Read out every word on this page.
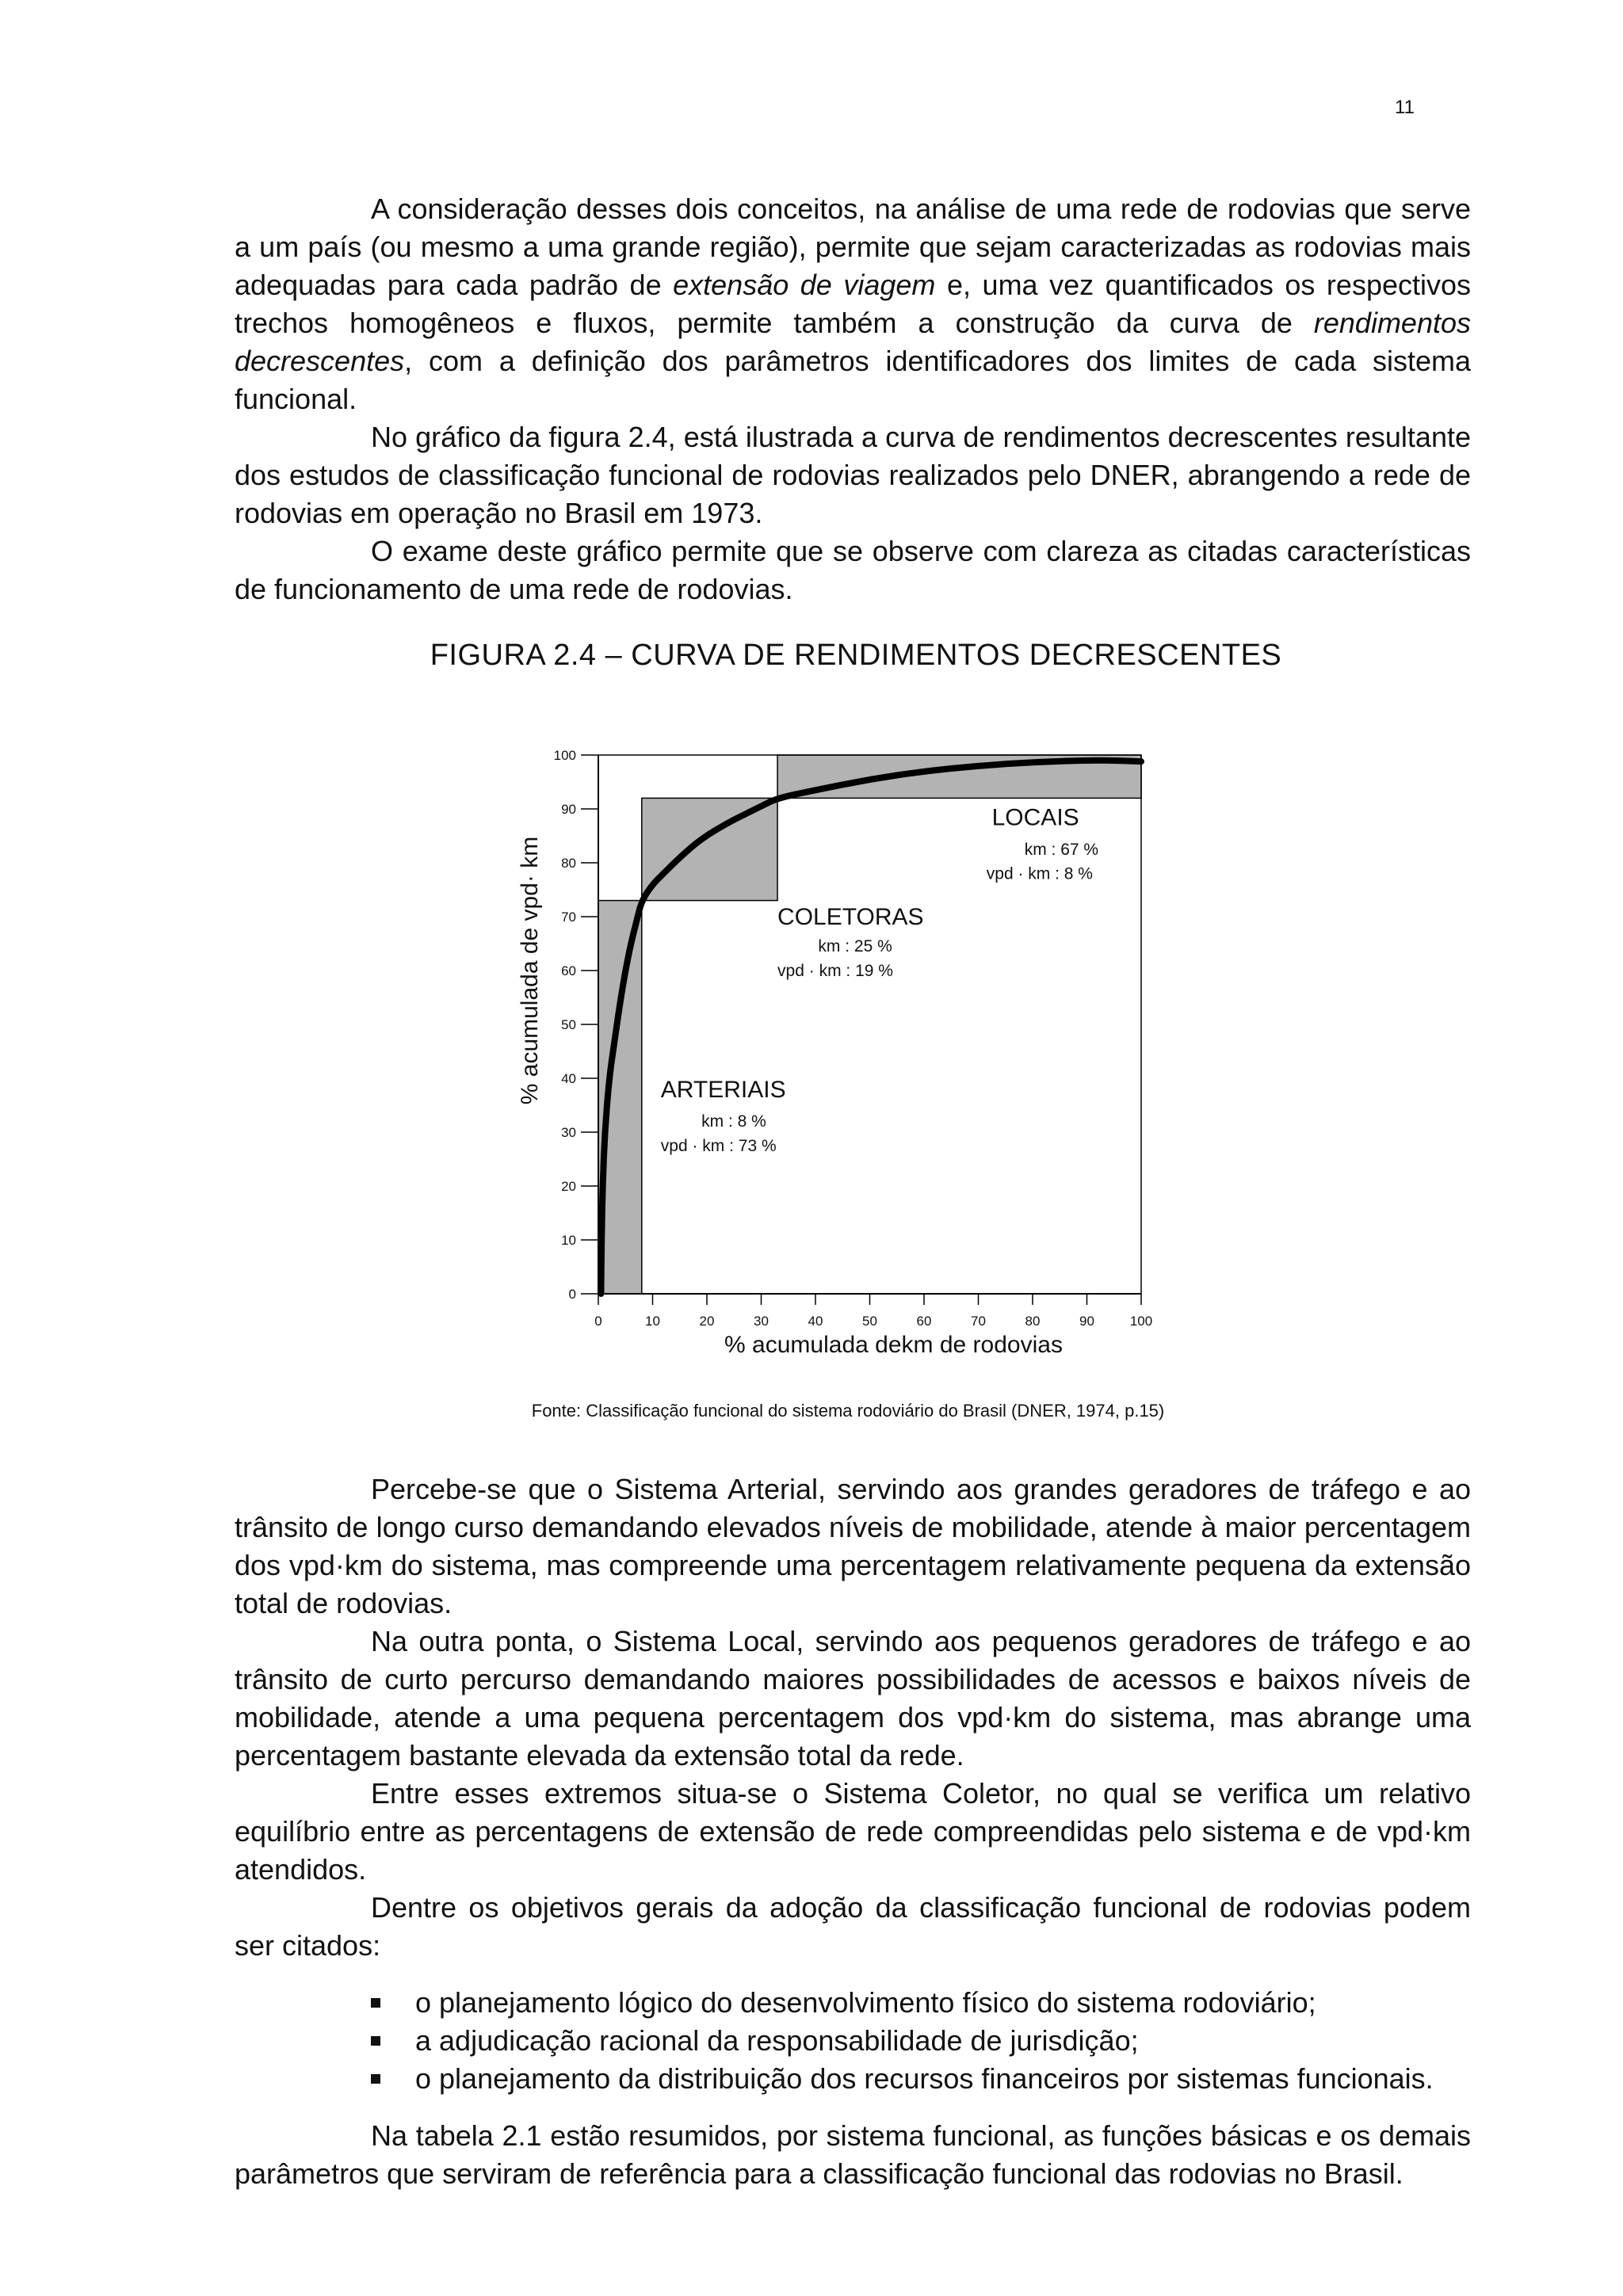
11

A consideração desses dois conceitos, na análise de uma rede de rodovias que serve a um país (ou mesmo a uma grande região), permite que sejam caracterizadas as rodovias mais adequadas para cada padrão de extensão de viagem e, uma vez quantificados os respectivos trechos homogêneos e fluxos, permite também a construção da curva de rendimentos decrescentes, com a definição dos parâmetros identificadores dos limites de cada sistema funcional.

No gráfico da figura 2.4, está ilustrada a curva de rendimentos decrescentes resultante dos estudos de classificação funcional de rodovias realizados pelo DNER, abrangendo a rede de rodovias em operação no Brasil em 1973.

O exame deste gráfico permite que se observe com clareza as citadas características de funcionamento de uma rede de rodovias.

FIGURA 2.4 – CURVA DE RENDIMENTOS DECRESCENTES
0
10
20
30
40
50
60
70
80
90
100
0	10	20	30	40	50	60	70	80	90	100
% acumulada dekm de rodovias
% acumulada de vpd· km	ARTERIAIS
km : 8 %
vpd · km : 73 %
COLETORAS
km : 25 %
vpd · km : 19 %
LOCAIS
km : 67 %
vpd · km : 8 %
Fonte: Classificação funcional do sistema rodoviário do Brasil (DNER, 1974, p.15)

Percebe-se que o Sistema Arterial, servindo aos grandes geradores de tráfego e ao trânsito de longo curso demandando elevados níveis de mobilidade, atende à maior percentagem dos vpd·km do sistema, mas compreende uma percentagem relativamente pequena da extensão total de rodovias.

Na outra ponta, o Sistema Local, servindo aos pequenos geradores de tráfego e ao trânsito de curto percurso demandando maiores possibilidades de acessos e baixos níveis de mobilidade, atende a uma pequena percentagem dos vpd·km do sistema, mas abrange uma percentagem bastante elevada da extensão total da rede.

Entre esses extremos situa-se o Sistema Coletor, no qual se verifica um relativo equilíbrio entre as percentagens de extensão de rede compreendidas pelo sistema e de vpd·km atendidos.

Dentre os objetivos gerais da adoção da classificação funcional de rodovias podem ser citados:

o planejamento lógico do desenvolvimento físico do sistema rodoviário;
a adjudicação racional da responsabilidade de jurisdição;
o planejamento da distribuição dos recursos financeiros por sistemas funcionais.

Na tabela 2.1 estão resumidos, por sistema funcional, as funções básicas e os demais parâmetros que serviram de referência para a classificação funcional das rodovias no Brasil.
